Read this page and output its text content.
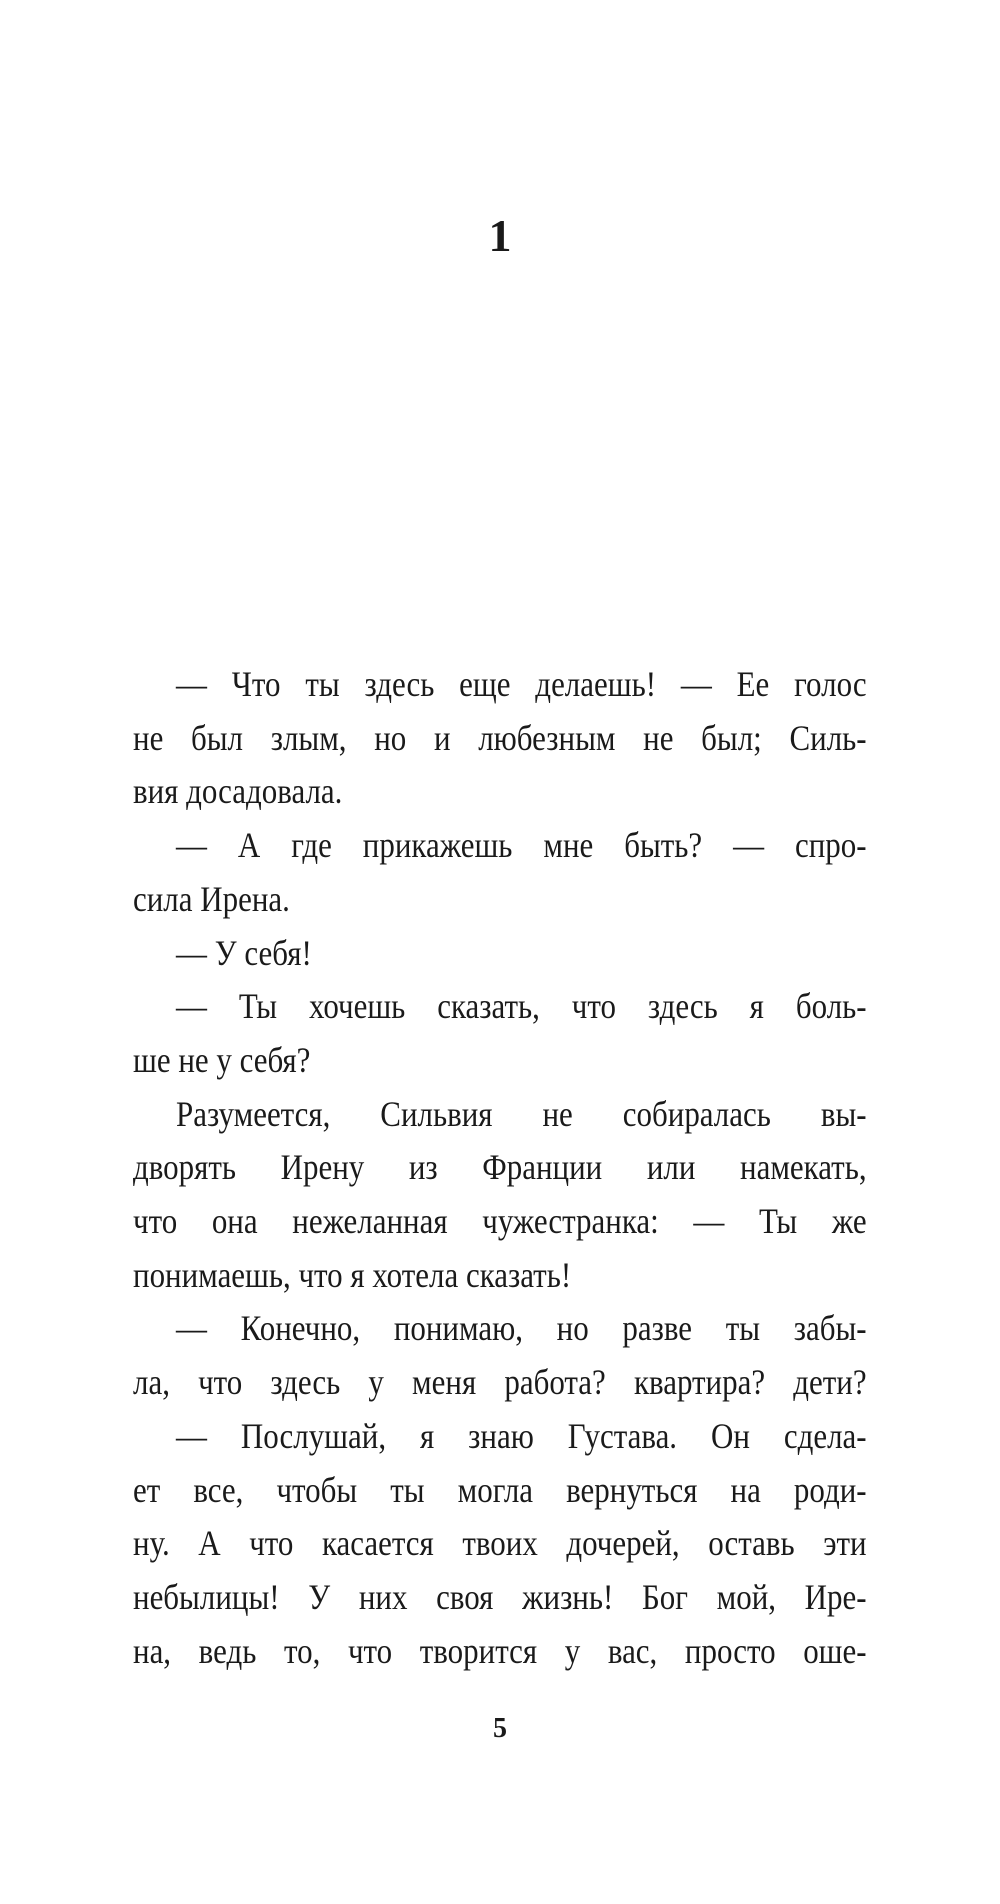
1
— Что ты здесь еще делаешь! — Ее голос
не был злым, но и любезным не был; Силь-
вия досадовала.
— А где прикажешь мне быть? — спро-
сила Ирена.
— У себя!
— Ты хочешь сказать, что здесь я боль-
ше не у себя?
Разумеется, Сильвия не собиралась вы-
дворять Ирену из Франции или намекать,
что она нежеланная чужестранка: — Ты же
понимаешь, что я хотела сказать!
— Конечно, понимаю, но разве ты забы-
ла, что здесь у меня работа? квартира? дети?
— Послушай, я знаю Густава. Он сдела-
ет все, чтобы ты могла вернуться на роди-
ну. А что касается твоих дочерей, оставь эти
небылицы! У них своя жизнь! Бог мой, Ире-
на, ведь то, что творится у вас, просто оше-
5
